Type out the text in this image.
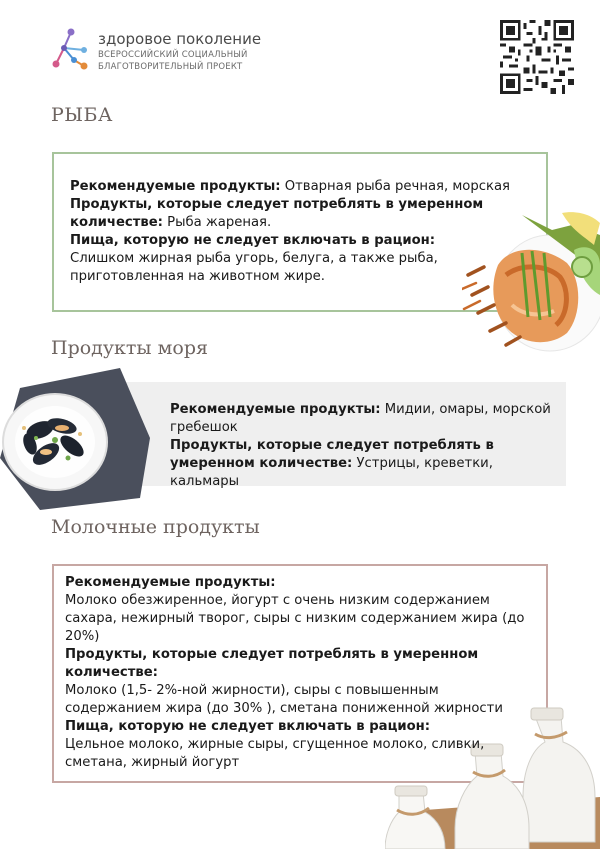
здоровое поколение
ВСЕРОССИЙСКИЙ СОЦИАЛЬНЫЙ
БЛАГОТВОРИТЕЛЬНЫЙ ПРОЕКТ
РЫБА

Рекомендуемые продукты: Отварная рыба речная, морская

Продукты, которые следует потреблять в умеренном количестве: Рыба жареная.

Пища, которую не следует включать в рацион: Слишком жирная рыба угорь, белуга, а также рыба, приготовленная на животном жире.

Продукты моря

Рекомендуемые продукты: Мидии, омары, морской гребешок

Продукты, которые следует потреблять в умеренном количестве: Устрицы, креветки, кальмары

Молочные продукты

Рекомендуемые продукты:

Молоко обезжиренное, йогурт с очень низким содержанием сахара, нежирный творог, сыры с низким содержанием жира (до 20%)

Продукты, которые следует потреблять в умеренном количестве:

Молоко (1,5- 2%-ной жирности), сыры с повышенным содержанием жира (до 30% ), сметана пониженной жирности

Пища, которую не следует включать в рацион:

Цельное молоко, жирные сыры, сгущенное молоко, сливки, сметана, жирный йогурт
